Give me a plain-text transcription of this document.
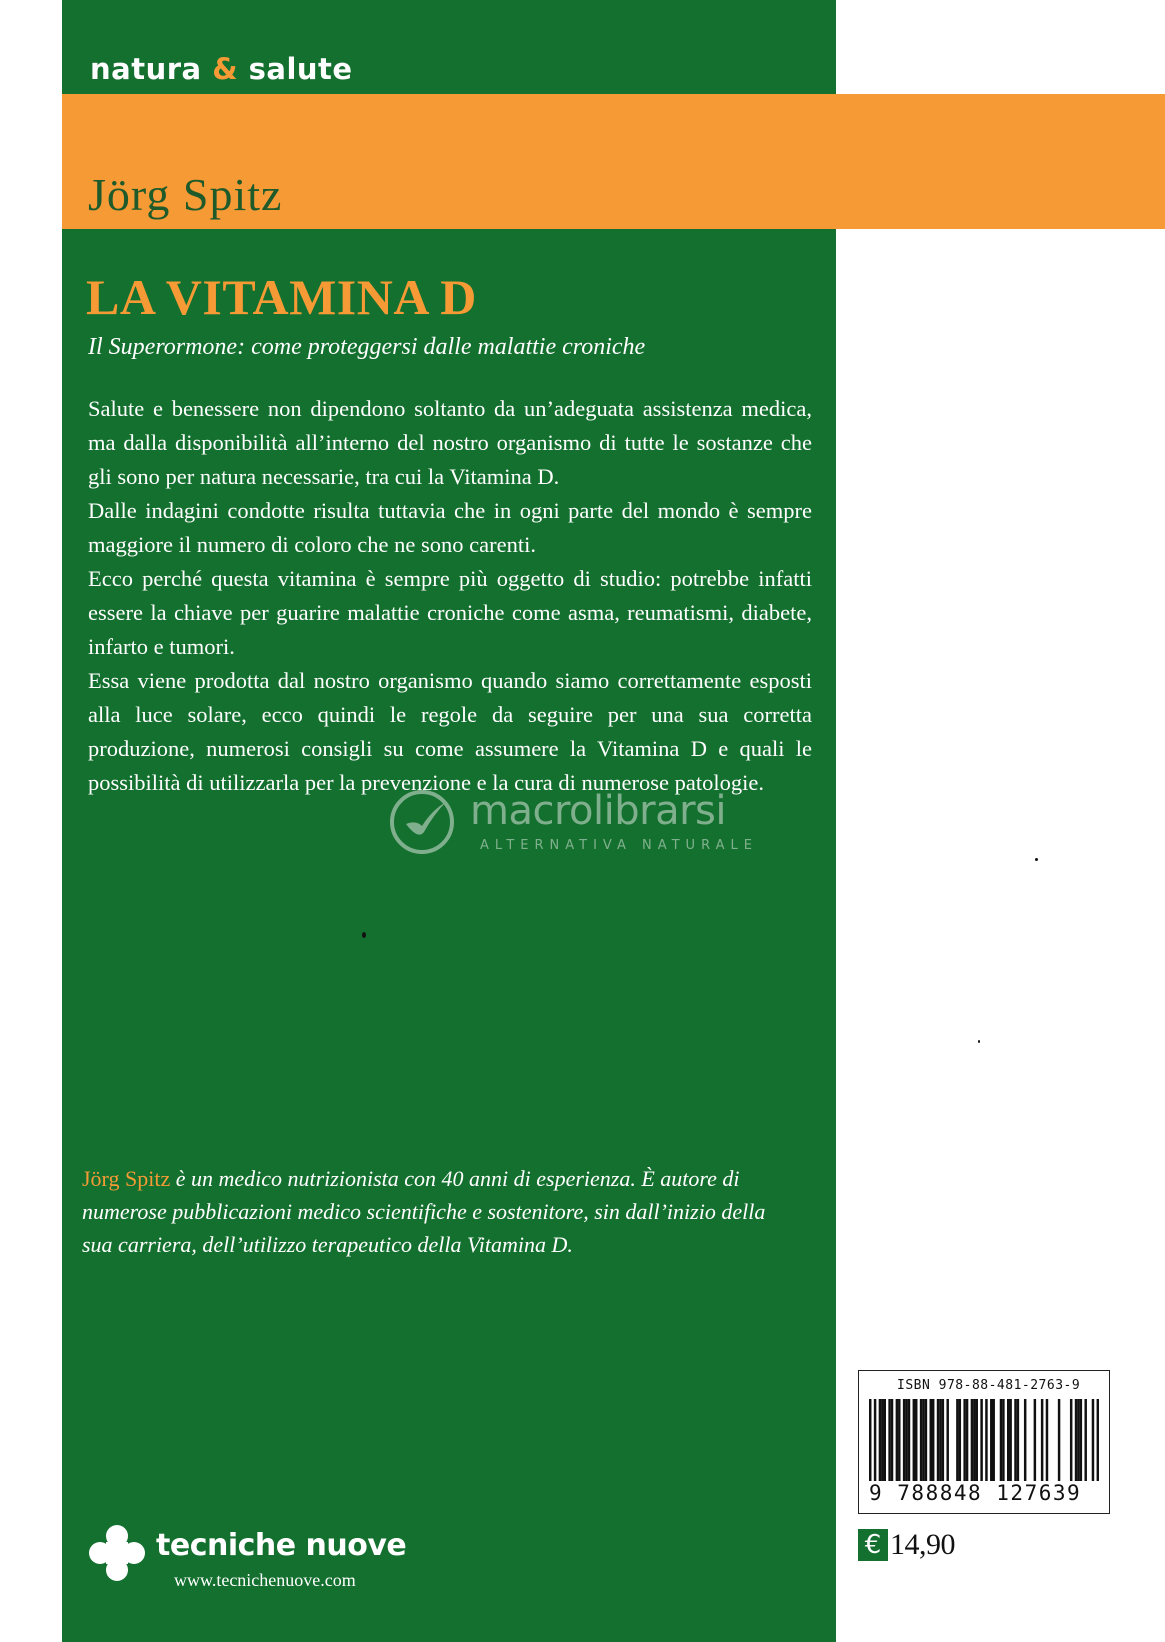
natura & salute
Jörg Spitz
LA VITAMINA D
Il Superormone: come proteggersi dalle malattie croniche

Salute e benessere non dipendono soltanto da un’adeguata assistenza medica, ma dalla disponibilità all’interno del nostro organismo di tutte le sostanze che gli sono per natura necessarie, tra cui la Vitamina D.

Dalle indagini condotte risulta tuttavia che in ogni parte del mondo è sempre maggiore il numero di coloro che ne sono carenti.

Ecco perché questa vitamina è sempre più oggetto di studio: potrebbe infatti essere la chiave per guarire malattie croniche come asma, reumatismi, diabete, infarto e tumori.

Essa viene prodotta dal nostro organismo quando siamo correttamente esposti alla luce solare, ecco quindi le regole da seguire per una sua corretta produzione, numerosi consigli su come assumere la Vitamina D e quali le possibilità di utilizzarla per la prevenzione e la cura di numerose patologie.

macrolibrarsi
ALTERNATIVA NATURALE
Jörg Spitz è un medico nutrizionista con 40 anni di esperienza. È autore di numerose pubblicazioni medico scientifiche e sostenitore, sin dall’inizio della sua carriera, dell’utilizzo terapeutico della Vitamina D.
tecniche nuove
www.tecnichenuove.com
ISBN 978-88-481-2763-9
9 788848 127639
€ 14,90
